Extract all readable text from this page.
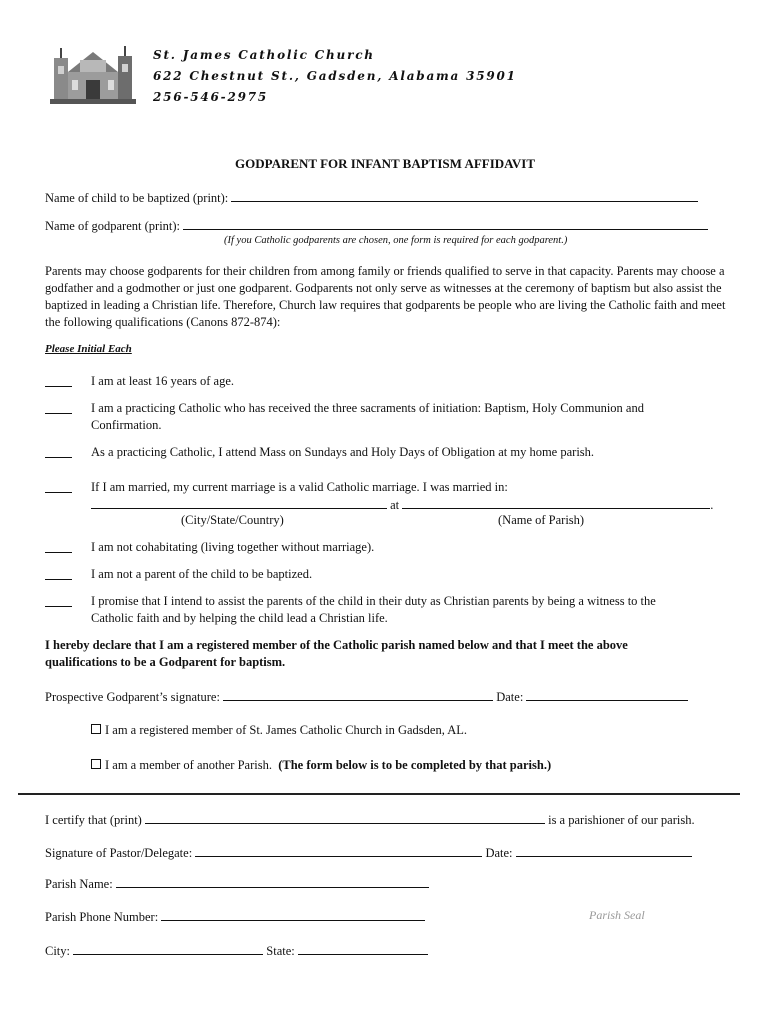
St. James Catholic Church
622 Chestnut St., Gadsden, Alabama 35901
256-546-2975
GODPARENT FOR INFANT BAPTISM AFFIDAVIT
Name of child to be baptized (print):
Name of godparent (print):
(If you Catholic godparents are chosen, one form is required for each godparent.)
Parents may choose godparents for their children from among family or friends qualified to serve in that capacity. Parents may choose a godfather and a godmother or just one godparent. Godparents not only serve as witnesses at the ceremony of baptism but also assist the baptized in leading a Christian life. Therefore, Church law requires that godparents be people who are living the Catholic faith and meet the following qualifications (Canons 872-874):
Please Initial Each
I am at least 16 years of age.
I am a practicing Catholic who has received the three sacraments of initiation: Baptism, Holy Communion and
Confirmation.
As a practicing Catholic, I attend Mass on Sundays and Holy Days of Obligation at my home parish.
If I am married, my current marriage is a valid Catholic marriage. I was married in:
at	.
(City/State/Country)	(Name of Parish)
I am not cohabitating (living together without marriage).
I am not a parent of the child to be baptized.
I promise that I intend to assist the parents of the child in their duty as Christian parents by being a witness to the
Catholic faith and by helping the child lead a Christian life.
I hereby declare that I am a registered member of the Catholic parish named below and that I meet the above
qualifications to be a Godparent for baptism.
Prospective Godparent’s signature:	Date:
I am a registered member of St. James Catholic Church in Gadsden, AL.
I am a member of another Parish. (The form below is to be completed by that parish.)
I certify that (print)	is a parishioner of our parish.
Signature of Pastor/Delegate:	Date:
Parish Name:
Parish Phone Number:	Parish Seal
City:	State:
